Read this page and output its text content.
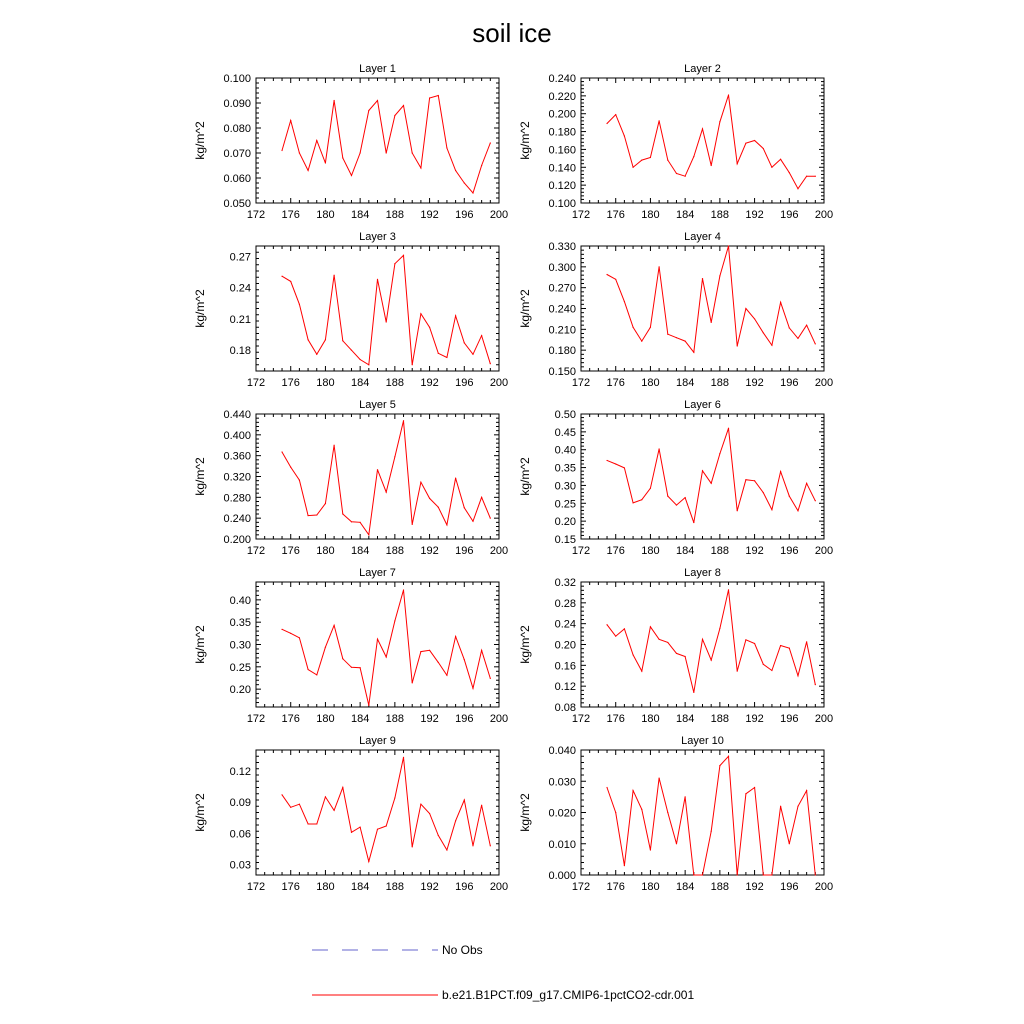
soil ice
Layer 1
172 176 180 184 188 192 196 200
0.050
0.060
0.070
0.080
0.090
0.100
kg/m^2
Layer 2
172 176 180 184 188 192 196 200
0.100
0.120
0.140
0.160
0.180
0.200
0.220
0.240
kg/m^2
Layer 3
172 176 180 184 188 192 196 200
0.18
0.21
0.24
0.27
kg/m^2
Layer 4
172 176 180 184 188 192 196 200
0.150
0.180
0.210
0.240
0.270
0.300
0.330
kg/m^2
Layer 5
172 176 180 184 188 192 196 200
0.200
0.240
0.280
0.320
0.360
0.400
0.440
kg/m^2
Layer 6
172 176 180 184 188 192 196 200
0.15
0.20
0.25
0.30
0.35
0.40
0.45
0.50
kg/m^2
Layer 7
172 176 180 184 188 192 196 200
0.20
0.25
0.30
0.35
0.40
kg/m^2
Layer 8
172 176 180 184 188 192 196 200
0.08
0.12
0.16
0.20
0.24
0.28
0.32
kg/m^2
Layer 9
172 176 180 184 188 192 196 200
0.03
0.06
0.09
0.12
kg/m^2
Layer 10
172 176 180 184 188 192 196 200
0.000
0.010
0.020
0.030
0.040
kg/m^2
No Obs
b.e21.B1PCT.f09_g17.CMIP6-1pctCO2-cdr.001
